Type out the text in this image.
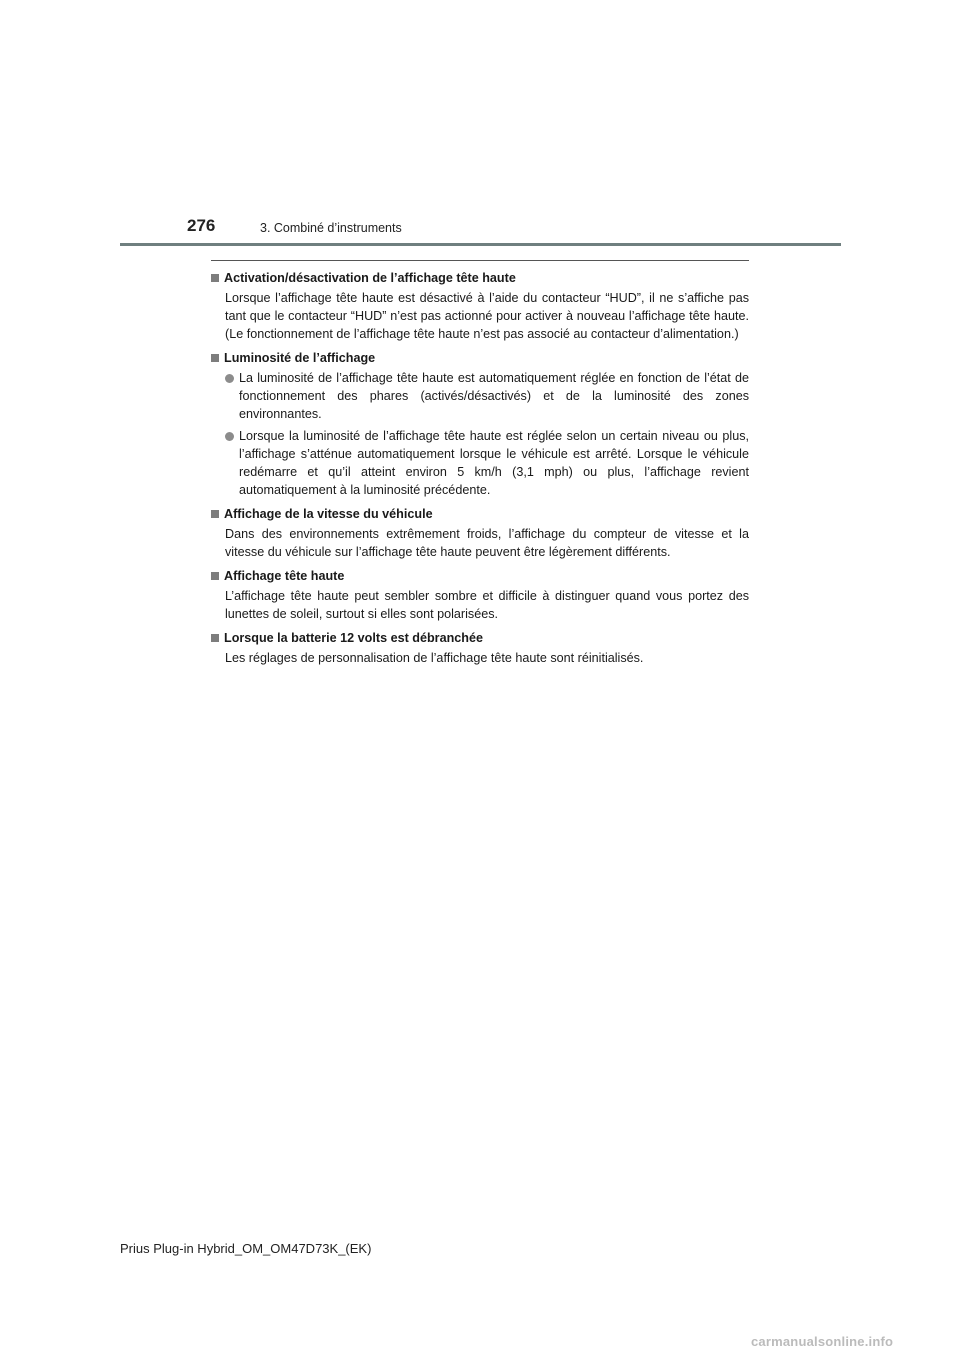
276	3. Combiné d’instruments
Activation/désactivation de l’affichage tête haute
Lorsque l’affichage tête haute est désactivé à l’aide du contacteur “HUD”, il ne s’affiche pas tant que le contacteur “HUD” n’est pas actionné pour activer à nouveau l’affichage tête haute. (Le fonctionnement de l’affichage tête haute n’est pas associé au contacteur d’alimentation.)
Luminosité de l’affichage
La luminosité de l’affichage tête haute est automatiquement réglée en fonction de l’état de fonctionnement des phares (activés/désactivés) et de la luminosité des zones environnantes.
Lorsque la luminosité de l’affichage tête haute est réglée selon un certain niveau ou plus, l’affichage s’atténue automatiquement lorsque le véhicule est arrêté. Lorsque le véhicule redémarre et qu’il atteint environ 5 km/h (3,1 mph) ou plus, l’affichage revient automatiquement à la luminosité précédente.
Affichage de la vitesse du véhicule
Dans des environnements extrêmement froids, l’affichage du compteur de vitesse et la vitesse du véhicule sur l’affichage tête haute peuvent être légèrement différents.
Affichage tête haute
L’affichage tête haute peut sembler sombre et difficile à distinguer quand vous portez des lunettes de soleil, surtout si elles sont polarisées.
Lorsque la batterie 12 volts est débranchée
Les réglages de personnalisation de l’affichage tête haute sont réinitialisés.
Prius Plug-in Hybrid_OM_OM47D73K_(EK)
carmanualsonline.info
